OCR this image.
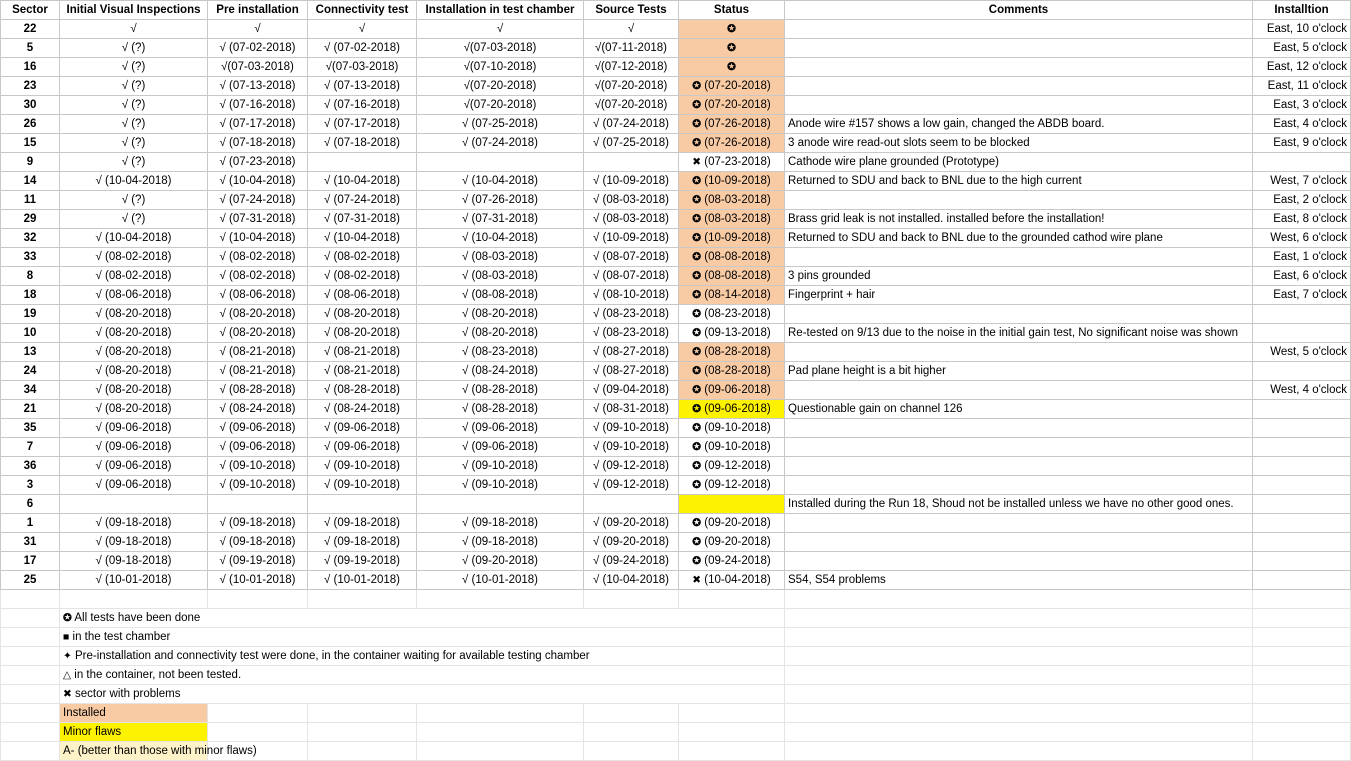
Sector	Initial Visual Inspections	Pre installation	Connectivity test	Installation in test chamber	Source Tests	Status	Comments	Installtion
22	√	√	√	√	√	✪		East, 10 o'clock
5	√ (?)	√ (07-02-2018)	√ (07-02-2018)	√(07-03-2018)	√(07-11-2018)	✪		East, 5 o'clock
16	√ (?)	√(07-03-2018)	√(07-03-2018)	√(07-10-2018)	√(07-12-2018)	✪		East, 12 o'clock
23	√ (?)	√ (07-13-2018)	√ (07-13-2018)	√(07-20-2018)	√(07-20-2018)	✪ (07-20-2018)		East, 11 o'clock
30	√ (?)	√ (07-16-2018)	√ (07-16-2018)	√(07-20-2018)	√(07-20-2018)	✪ (07-20-2018)		East, 3 o'clock
26	√ (?)	√ (07-17-2018)	√ (07-17-2018)	√ (07-25-2018)	√ (07-24-2018)	✪ (07-26-2018)	Anode wire #157 shows a low gain, changed the ABDB board.	East, 4 o'clock
15	√ (?)	√ (07-18-2018)	√ (07-18-2018)	√ (07-24-2018)	√ (07-25-2018)	✪ (07-26-2018)	3 anode wire read-out slots seem to be blocked	East, 9 o'clock
9	√ (?)	√ (07-23-2018)				✖ (07-23-2018)	Cathode wire plane grounded (Prototype)	
14	√ (10-04-2018)	√ (10-04-2018)	√ (10-04-2018)	√ (10-04-2018)	√ (10-09-2018)	✪ (10-09-2018)	Returned to SDU and back to BNL due to the high current	West, 7 o'clock
11	√ (?)	√ (07-24-2018)	√ (07-24-2018)	√ (07-26-2018)	√ (08-03-2018)	✪ (08-03-2018)		East, 2 o'clock
29	√ (?)	√ (07-31-2018)	√ (07-31-2018)	√ (07-31-2018)	√ (08-03-2018)	✪ (08-03-2018)	Brass grid leak is not installed. installed before the installation!	East, 8 o'clock
32	√ (10-04-2018)	√ (10-04-2018)	√ (10-04-2018)	√ (10-04-2018)	√ (10-09-2018)	✪ (10-09-2018)	Returned to SDU and back to BNL due to the grounded cathod wire plane	West, 6 o'clock
33	√ (08-02-2018)	√ (08-02-2018)	√ (08-02-2018)	√ (08-03-2018)	√ (08-07-2018)	✪ (08-08-2018)		East, 1 o'clock
8	√ (08-02-2018)	√ (08-02-2018)	√ (08-02-2018)	√ (08-03-2018)	√ (08-07-2018)	✪ (08-08-2018)	3 pins grounded	East, 6 o'clock
18	√ (08-06-2018)	√ (08-06-2018)	√ (08-06-2018)	√ (08-08-2018)	√ (08-10-2018)	✪ (08-14-2018)	Fingerprint + hair	East, 7 o'clock
19	√ (08-20-2018)	√ (08-20-2018)	√ (08-20-2018)	√ (08-20-2018)	√ (08-23-2018)	✪ (08-23-2018)		
10	√ (08-20-2018)	√ (08-20-2018)	√ (08-20-2018)	√ (08-20-2018)	√ (08-23-2018)	✪ (09-13-2018)	Re-tested on 9/13 due to the noise in the initial gain test, No significant noise was shown	
13	√ (08-20-2018)	√ (08-21-2018)	√ (08-21-2018)	√ (08-23-2018)	√ (08-27-2018)	✪ (08-28-2018)		West, 5 o'clock
24	√ (08-20-2018)	√ (08-21-2018)	√ (08-21-2018)	√ (08-24-2018)	√ (08-27-2018)	✪ (08-28-2018)	Pad plane height is a bit higher	
34	√ (08-20-2018)	√ (08-28-2018)	√ (08-28-2018)	√ (08-28-2018)	√ (09-04-2018)	✪ (09-06-2018)		West, 4 o'clock
21	√ (08-20-2018)	√ (08-24-2018)	√ (08-24-2018)	√ (08-28-2018)	√ (08-31-2018)	✪ (09-06-2018)	Questionable gain on channel 126	
35	√ (09-06-2018)	√ (09-06-2018)	√ (09-06-2018)	√ (09-06-2018)	√ (09-10-2018)	✪ (09-10-2018)		
7	√ (09-06-2018)	√ (09-06-2018)	√ (09-06-2018)	√ (09-06-2018)	√ (09-10-2018)	✪ (09-10-2018)		
36	√ (09-06-2018)	√ (09-10-2018)	√ (09-10-2018)	√ (09-10-2018)	√ (09-12-2018)	✪ (09-12-2018)		
3	√ (09-06-2018)	√ (09-10-2018)	√ (09-10-2018)	√ (09-10-2018)	√ (09-12-2018)	✪ (09-12-2018)		
6							Installed during the Run 18, Shoud not be installed unless we have no other good ones.	
1	√ (09-18-2018)	√ (09-18-2018)	√ (09-18-2018)	√ (09-18-2018)	√ (09-20-2018)	✪ (09-20-2018)		
31	√ (09-18-2018)	√ (09-18-2018)	√ (09-18-2018)	√ (09-18-2018)	√ (09-20-2018)	✪ (09-20-2018)		
17	√ (09-18-2018)	√ (09-19-2018)	√ (09-19-2018)	√ (09-20-2018)	√ (09-24-2018)	✪ (09-24-2018)		
25	√ (10-01-2018)	√ (10-01-2018)	√ (10-01-2018)	√ (10-01-2018)	√ (10-04-2018)	✖ (10-04-2018)	S54, S54 problems	

	✪ All tests have been done							
	■ in the test chamber							
	✦ Pre-installation and connectivity test were done, in the container waiting for available testing chamber							
	△ in the container, not been tested.							
	✖ sector with problems							
	Installed							
	Minor flaws							
	A- (better than those with minor flaws)							
